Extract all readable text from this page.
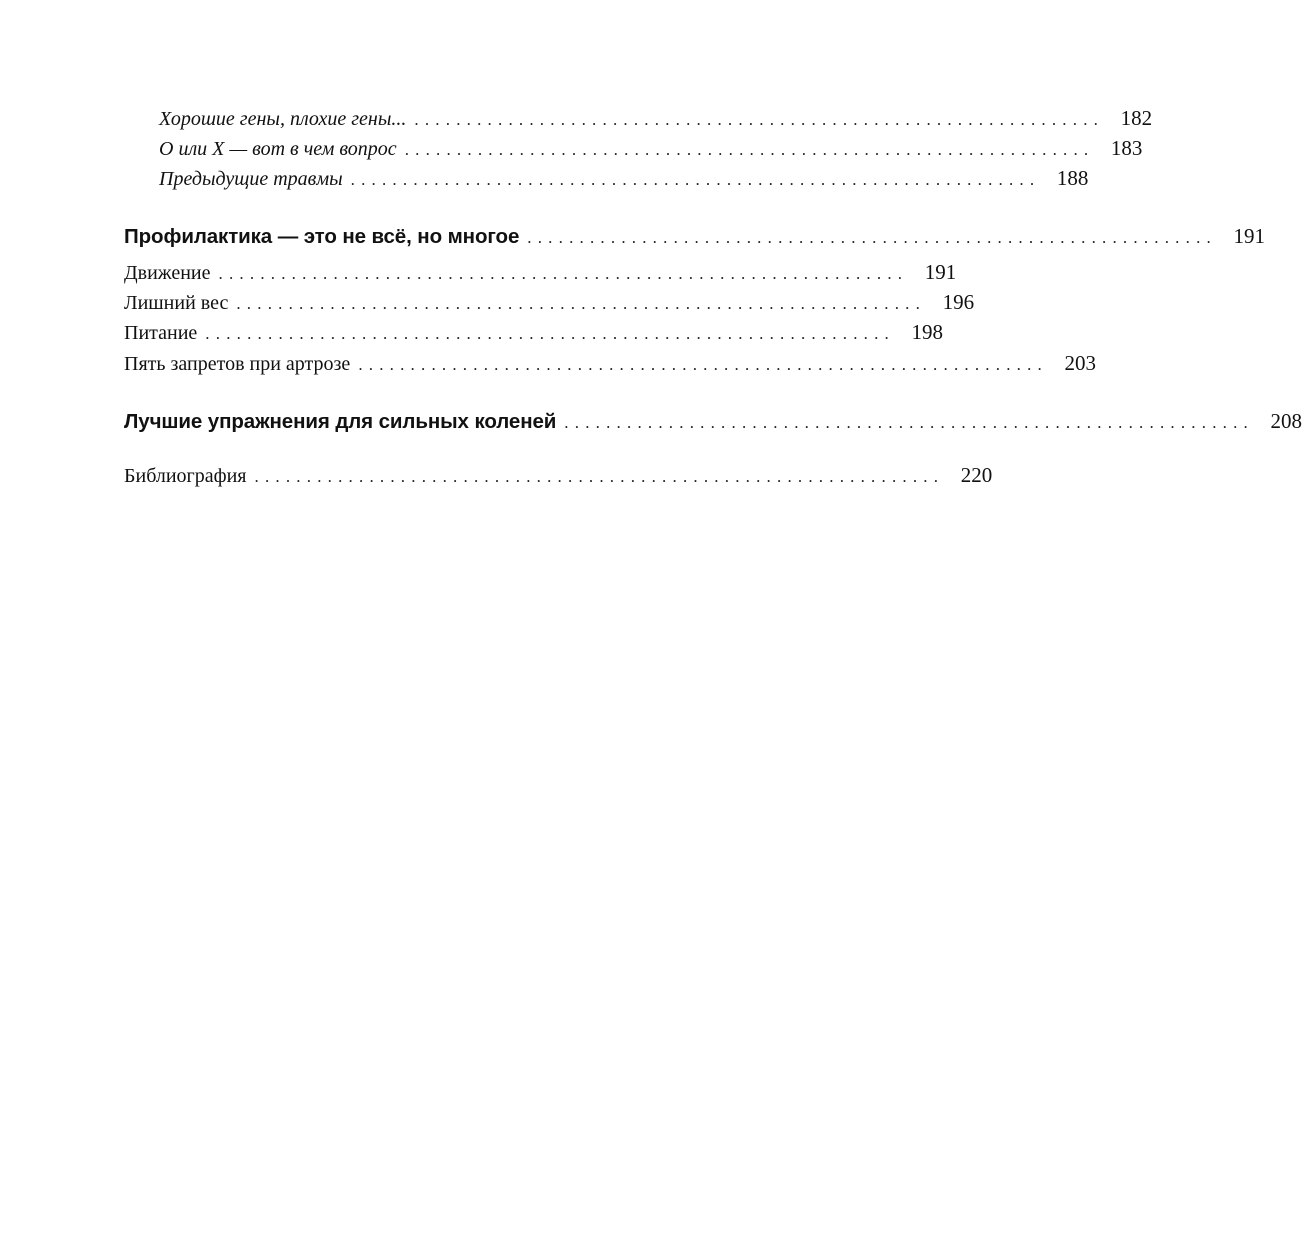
Хорошие гены, плохие гены... .................................................................. 182
О или Х — вот в чем вопрос .................................................................. 183
Предыдущие травмы .................................................................. 188
Профилактика — это не всё, но многое .................................................................. 191
Движение .................................................................. 191
Лишний вес .................................................................. 196
Питание .................................................................. 198
Пять запретов при артрозе .................................................................. 203
Лучшие упражнения для сильных коленей .................................................................. 208
Библиография .................................................................. 220
